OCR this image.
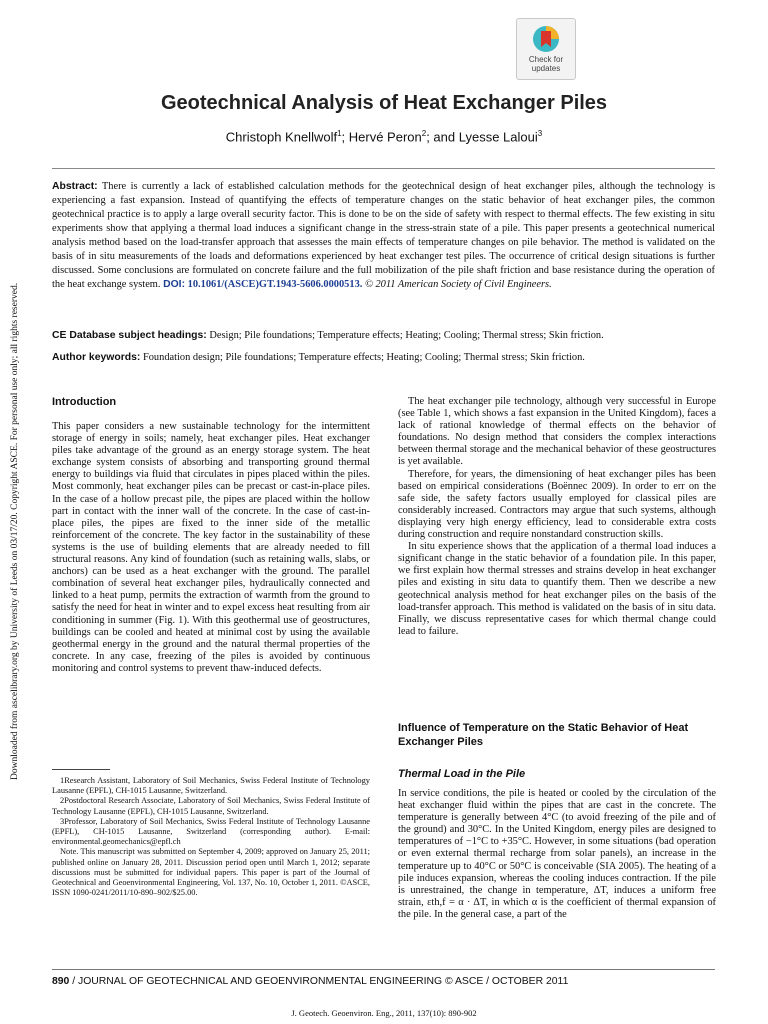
Check for updates
Geotechnical Analysis of Heat Exchanger Piles
Christoph Knellwolf$^1$; Hervé Peron$^2$; and Lyesse Laloui$^3$
Abstract: There is currently a lack of established calculation methods for the geotechnical design of heat exchanger piles, although the technology is experiencing a fast expansion. Instead of quantifying the effects of temperature changes on the static behavior of heat exchanger piles, the common geotechnical practice is to apply a large overall security factor. This is done to be on the side of safety with respect to thermal effects. The few existing in situ experiments show that applying a thermal load induces a significant change in the stress-strain state of a pile. This paper presents a geotechnical numerical analysis method based on the load-transfer approach that assesses the main effects of temperature changes on pile behavior. The method is validated on the basis of in situ measurements of the loads and deformations experienced by heat exchanger test piles. The occurrence of critical design situations is further discussed. Some conclusions are formulated on concrete failure and the full mobilization of the pile shaft friction and base resistance during the operation of the heat exchange system. DOI: 10.1061/(ASCE)GT.1943-5606.0000513. © 2011 American Society of Civil Engineers.
CE Database subject headings: Design; Pile foundations; Temperature effects; Heating; Cooling; Thermal stress; Skin friction.
Author keywords: Foundation design; Pile foundations; Temperature effects; Heating; Cooling; Thermal stress; Skin friction.
Downloaded from ascelibrary.org by University of Leeds on 03/17/20. Copyright ASCE. For personal use only; all rights reserved.	Introduction

This paper considers a new sustainable technology for the intermittent storage of energy in soils; namely, heat exchanger piles. Heat exchanger piles take advantage of the ground as an energy storage system. The heat exchange system consists of absorbing and transporting ground thermal energy to buildings via fluid that circulates in pipes placed within the piles. Most commonly, heat exchanger piles can be precast or cast-in-place piles. In the case of a hollow precast pile, the pipes are placed within the hollow part in contact with the inner wall of the concrete. In the case of cast-in-place piles, the pipes are fixed to the inner side of the metallic reinforcement of the concrete. The key factor in the sustainability of these systems is the use of building elements that are already needed to fill structural reasons. Any kind of foundation (such as retaining walls, slabs, or anchors) can be used as a heat exchanger with the ground. The parallel combination of several heat exchanger piles, hydraulically connected and linked to a heat pump, permits the extraction of warmth from the ground to satisfy the need for heat in winter and to expel excess heat resulting from air conditioning in summer (Fig. 1). With this geothermal use of geostructures, buildings can be cooled and heated at minimal cost by using the available geothermal energy in the ground and the natural thermal properties of the concrete. In any case, freezing of the piles is avoided by continuous monitoring and control systems to prevent thaw-induced defects.

1Research Assistant, Laboratory of Soil Mechanics, Swiss Federal Institute of Technology Lausanne (EPFL), CH-1015 Lausanne, Switzerland.

2Postdoctoral Research Associate, Laboratory of Soil Mechanics, Swiss Federal Institute of Technology Lausanne (EPFL), CH-1015 Lausanne, Switzerland.

3Professor, Laboratory of Soil Mechanics, Swiss Federal Institute of Technology Lausanne (EPFL), CH-1015 Lausanne, Switzerland (corresponding author). E-mail: environmental.geomechanics@epfl.ch

Note. This manuscript was submitted on September 4, 2009; approved on January 25, 2011; published online on January 28, 2011. Discussion period open until March 1, 2012; separate discussions must be submitted for individual papers. This paper is part of the Journal of Geotechnical and Geoenvironmental Engineering, Vol. 137, No. 10, October 1, 2011. ©ASCE, ISSN 1090-0241/2011/10-890–902/$25.00.

The heat exchanger pile technology, although very successful in Europe (see Table 1, which shows a fast expansion in the United Kingdom), faces a lack of rational knowledge of thermal effects on the behavior of foundations. No design method that considers the complex interactions between thermal storage and the mechanical behavior of these geostructures is yet available.

Therefore, for years, the dimensioning of heat exchanger piles has been based on empirical considerations (Boënnec 2009). In order to err on the safe side, the safety factors usually employed for classical piles are considerably increased. Contractors may argue that such systems, although displaying very high energy efficiency, lead to considerable extra costs during construction and require nonstandard construction skills.

In situ experience shows that the application of a thermal load induces a significant change in the static behavior of a foundation pile. In this paper, we first explain how thermal stresses and strains develop in heat exchanger piles and existing in situ data to quantify them. Then we describe a new geotechnical analysis method for heat exchanger piles on the basis of the load-transfer approach. This method is validated on the basis of in situ data. Finally, we discuss representative cases for which thermal change could lead to failure.

Influence of Temperature on the Static Behavior of Heat Exchanger Piles
Thermal Load in the Pile

In service conditions, the pile is heated or cooled by the circulation of the heat exchanger fluid within the pipes that are cast in the concrete. The temperature is generally between 4°C (to avoid freezing of the pile and of the ground) and 30°C. In the United Kingdom, energy piles are designed to temperatures of −1°C to +35°C. However, in some situations (bad operation or even external thermal recharge from solar panels), an increase in the temperature up to 40°C or 50°C is conceivable (SIA 2005). The heating of a pile induces expansion, whereas the cooling induces contraction. If the pile is unrestrained, the change in temperature, ΔT, induces a uniform free strain, εth,f = α · ΔT, in which α is the coefficient of thermal expansion of the pile. In the general case, a part of the

890 / JOURNAL OF GEOTECHNICAL AND GEOENVIRONMENTAL ENGINEERING © ASCE / OCTOBER 2011
J. Geotech. Geoenviron. Eng., 2011, 137(10): 890-902
